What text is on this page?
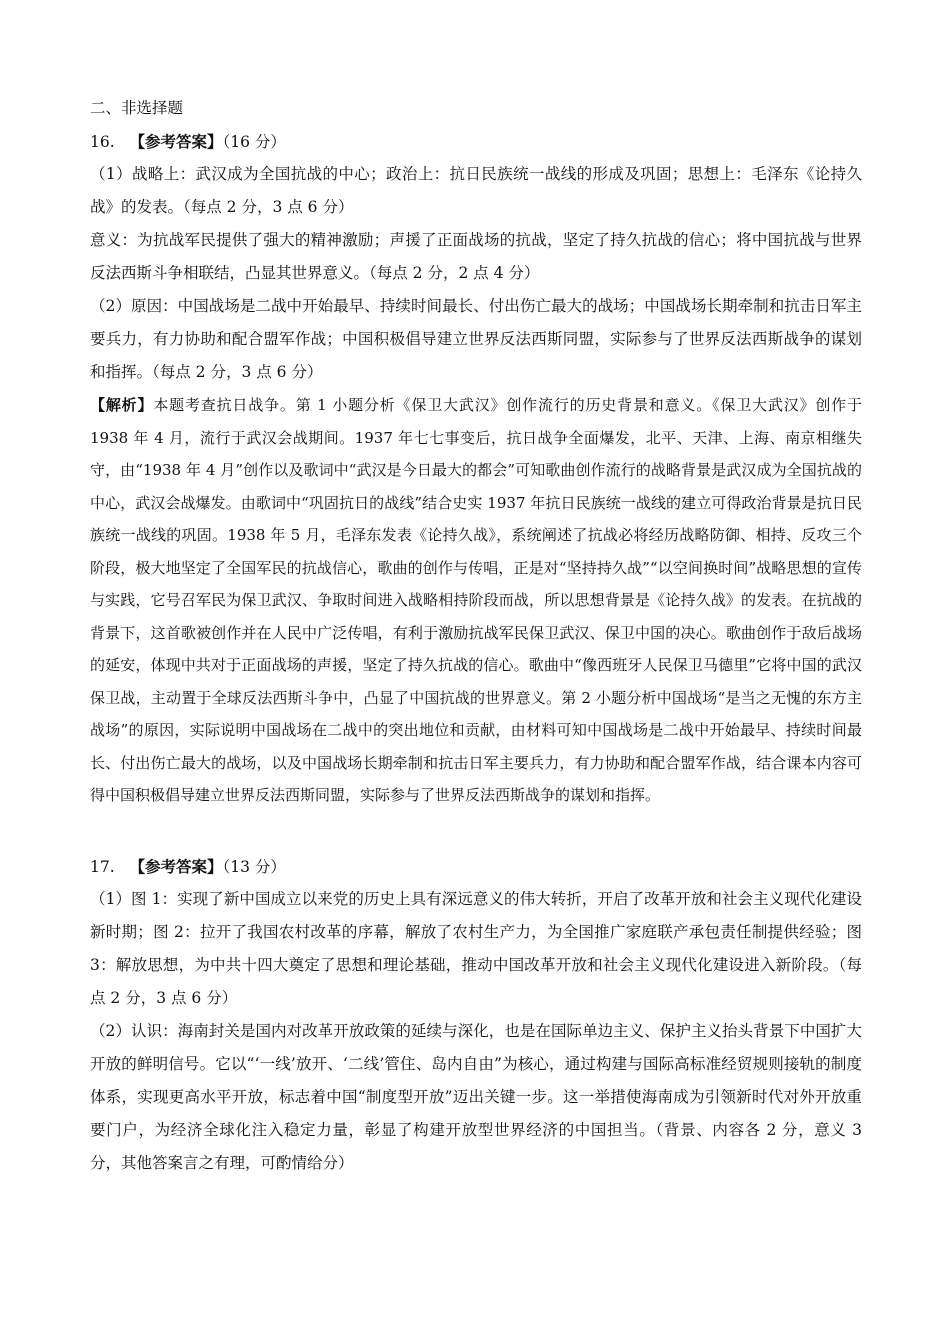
二、非选择题
16. 【参考答案】（16 分）
（1）战略上：武汉成为全国抗战的中心；政治上：抗日民族统一战线的形成及巩固；思想上：毛泽东《论持久战》的发表。（每点 2 分，3 点 6 分）
意义：为抗战军民提供了强大的精神激励；声援了正面战场的抗战，坚定了持久抗战的信心；将中国抗战与世界反法西斯斗争相联结，凸显其世界意义。（每点 2 分，2 点 4 分）
（2）原因：中国战场是二战中开始最早、持续时间最长、付出伤亡最大的战场；中国战场长期牵制和抗击日军主要兵力，有力协助和配合盟军作战；中国积极倡导建立世界反法西斯同盟，实际参与了世界反法西斯战争的谋划和指挥。（每点 2 分，3 点 6 分）
【解析】本题考查抗日战争。第 1 小题分析《保卫大武汉》创作流行的历史背景和意义。《保卫大武汉》创作于 1938 年 4 月，流行于武汉会战期间。1937 年七七事变后，抗日战争全面爆发，北平、天津、上海、南京相继失守，由“1938 年 4 月”创作以及歌词中“武汉是今日最大的都会”可知歌曲创作流行的战略背景是武汉成为全国抗战的中心，武汉会战爆发。由歌词中“巩固抗日的战线”结合史实 1937 年抗日民族统一战线的建立可得政治背景是抗日民族统一战线的巩固。1938 年 5 月，毛泽东发表《论持久战》，系统阐述了抗战必将经历战略防御、相持、反攻三个阶段，极大地坚定了全国军民的抗战信心，歌曲的创作与传唱，正是对“坚持持久战”“以空间换时间”战略思想的宣传与实践，它号召军民为保卫武汉、争取时间进入战略相持阶段而战，所以思想背景是《论持久战》的发表。在抗战的背景下，这首歌被创作并在人民中广泛传唱，有利于激励抗战军民保卫武汉、保卫中国的决心。歌曲创作于敌后战场的延安，体现中共对于正面战场的声援，坚定了持久抗战的信心。歌曲中“像西班牙人民保卫马德里”它将中国的武汉保卫战，主动置于全球反法西斯斗争中，凸显了中国抗战的世界意义。第 2 小题分析中国战场“是当之无愧的东方主战场”的原因，实际说明中国战场在二战中的突出地位和贡献，由材料可知中国战场是二战中开始最早、持续时间最长、付出伤亡最大的战场，以及中国战场长期牵制和抗击日军主要兵力，有力协助和配合盟军作战，结合课本内容可得中国积极倡导建立世界反法西斯同盟，实际参与了世界反法西斯战争的谋划和指挥。
17. 【参考答案】（13 分）
（1）图 1：实现了新中国成立以来党的历史上具有深远意义的伟大转折，开启了改革开放和社会主义现代化建设新时期；图 2：拉开了我国农村改革的序幕，解放了农村生产力，为全国推广家庭联产承包责任制提供经验；图 3：解放思想，为中共十四大奠定了思想和理论基础，推动中国改革开放和社会主义现代化建设进入新阶段。（每点 2 分，3 点 6 分）
（2）认识：海南封关是国内对改革开放政策的延续与深化，也是在国际单边主义、保护主义抬头背景下中国扩大开放的鲜明信号。它以“‘一线’放开、‘二线’管住、岛内自由”为核心，通过构建与国际高标准经贸规则接轨的制度体系，实现更高水平开放，标志着中国“制度型开放”迈出关键一步。这一举措使海南成为引领新时代对外开放重要门户，为经济全球化注入稳定力量，彰显了构建开放型世界经济的中国担当。（背景、内容各 2 分，意义 3 分，其他答案言之有理，可酌情给分）
